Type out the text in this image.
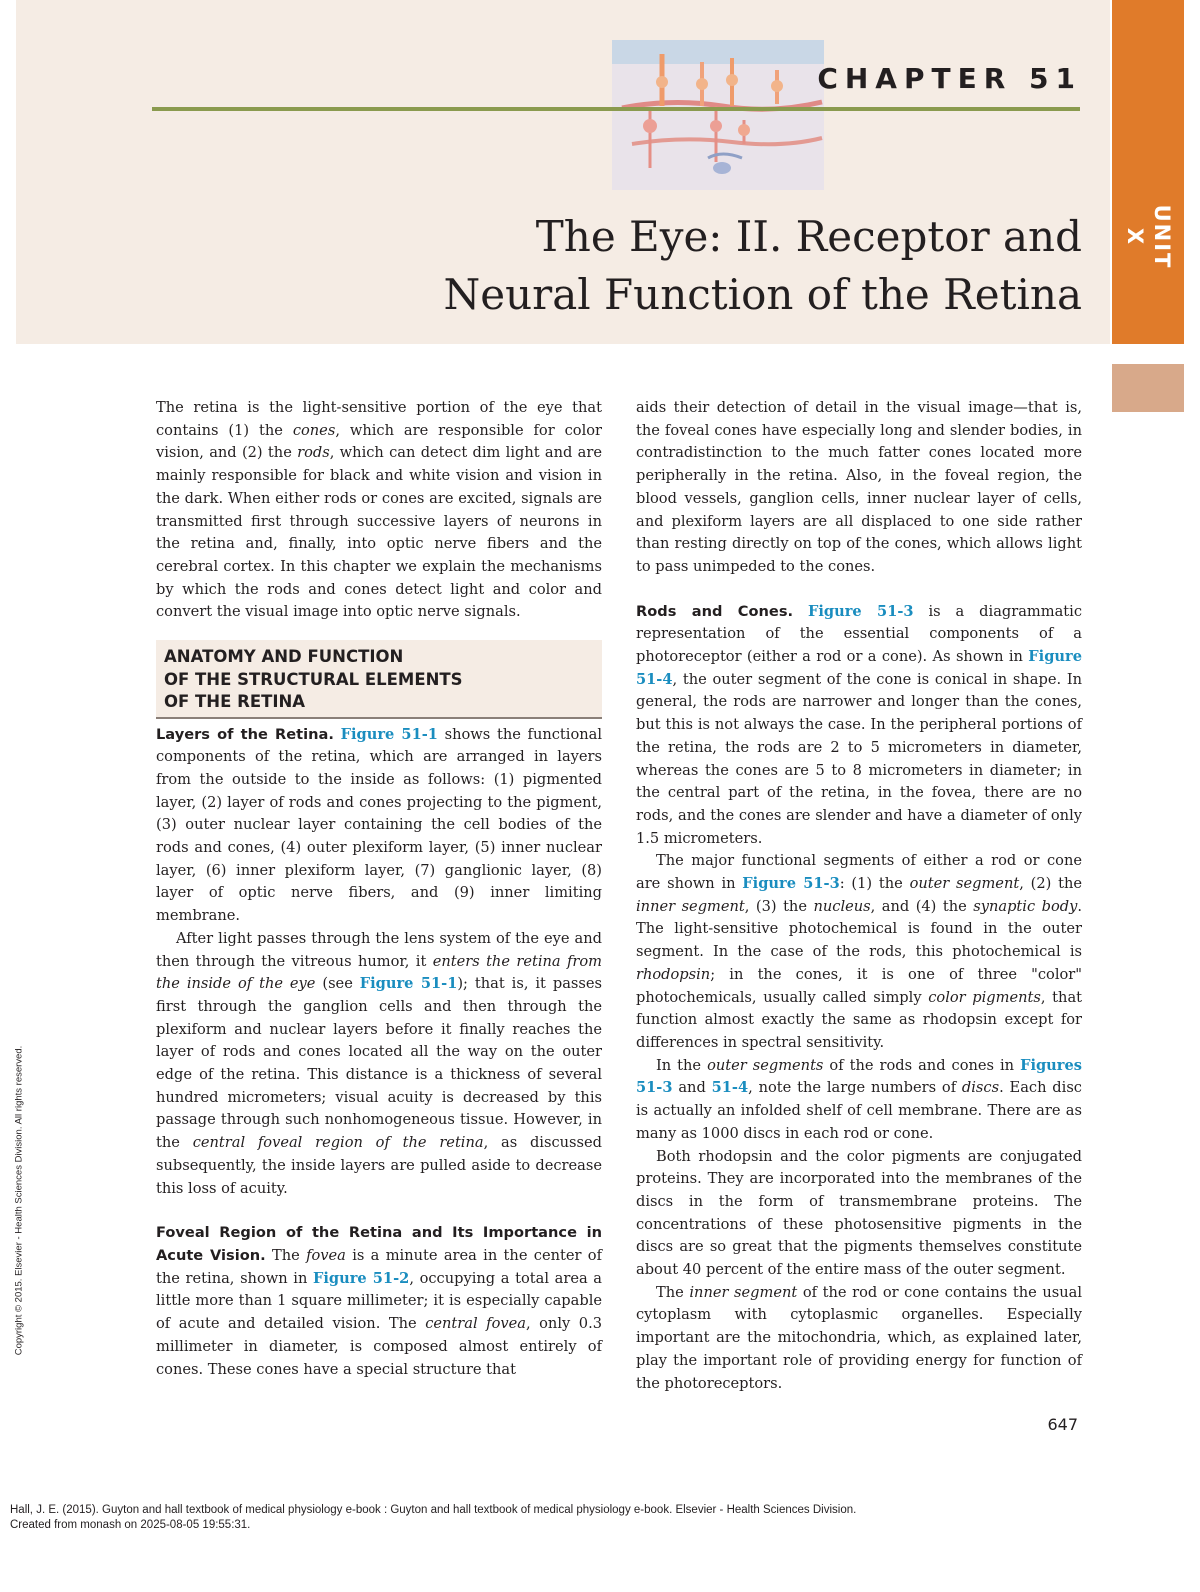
UNIT X
CHAPTER 51
The Eye: II. Receptor and
Neural Function of the Retina

The retina is the light-sensitive portion of the eye that contains (1) the cones, which are responsible for color vision, and (2) the rods, which can detect dim light and are mainly responsible for black and white vision and vision in the dark. When either rods or cones are excited, signals are transmitted first through successive layers of neurons in the retina and, finally, into optic nerve fibers and the cerebral cortex. In this chapter we explain the mechanisms by which the rods and cones detect light and color and convert the visual image into optic nerve signals.

ANATOMY AND FUNCTION
OF THE STRUCTURAL ELEMENTS
OF THE RETINA

Layers of the Retina. Figure 51-1 shows the functional components of the retina, which are arranged in layers from the outside to the inside as follows: (1) pigmented layer, (2) layer of rods and cones projecting to the pigment, (3) outer nuclear layer containing the cell bodies of the rods and cones, (4) outer plexiform layer, (5) inner nuclear layer, (6) inner plexiform layer, (7) ganglionic layer, (8) layer of optic nerve fibers, and (9) inner limiting membrane.

After light passes through the lens system of the eye and then through the vitreous humor, it enters the retina from the inside of the eye (see Figure 51-1); that is, it passes first through the ganglion cells and then through the plexiform and nuclear layers before it finally reaches the layer of rods and cones located all the way on the outer edge of the retina. This distance is a thickness of several hundred micrometers; visual acuity is decreased by this passage through such nonhomogeneous tissue. However, in the central foveal region of the retina, as discussed subsequently, the inside layers are pulled aside to decrease this loss of acuity.

Foveal Region of the Retina and Its Importance in Acute Vision. The fovea is a minute area in the center of the retina, shown in Figure 51-2, occupying a total area a little more than 1 square millimeter; it is especially capable of acute and detailed vision. The central fovea, only 0.3 millimeter in diameter, is composed almost entirely of cones. These cones have a special structure that

aids their detection of detail in the visual image—that is, the foveal cones have especially long and slender bodies, in contradistinction to the much fatter cones located more peripherally in the retina. Also, in the foveal region, the blood vessels, ganglion cells, inner nuclear layer of cells, and plexiform layers are all displaced to one side rather than resting directly on top of the cones, which allows light to pass unimpeded to the cones.

Rods and Cones. Figure 51-3 is a diagrammatic representation of the essential components of a photoreceptor (either a rod or a cone). As shown in Figure 51-4, the outer segment of the cone is conical in shape. In general, the rods are narrower and longer than the cones, but this is not always the case. In the peripheral portions of the retina, the rods are 2 to 5 micrometers in diameter, whereas the cones are 5 to 8 micrometers in diameter; in the central part of the retina, in the fovea, there are no rods, and the cones are slender and have a diameter of only 1.5 micrometers.

The major functional segments of either a rod or cone are shown in Figure 51-3: (1) the outer segment, (2) the inner segment, (3) the nucleus, and (4) the synaptic body. The light-sensitive photochemical is found in the outer segment. In the case of the rods, this photochemical is rhodopsin; in the cones, it is one of three "color" photochemicals, usually called simply color pigments, that function almost exactly the same as rhodopsin except for differences in spectral sensitivity.

In the outer segments of the rods and cones in Figures 51-3 and 51-4, note the large numbers of discs. Each disc is actually an infolded shelf of cell membrane. There are as many as 1000 discs in each rod or cone.

Both rhodopsin and the color pigments are conjugated proteins. They are incorporated into the membranes of the discs in the form of transmembrane proteins. The concentrations of these photosensitive pigments in the discs are so great that the pigments themselves constitute about 40 percent of the entire mass of the outer segment.

The inner segment of the rod or cone contains the usual cytoplasm with cytoplasmic organelles. Especially important are the mitochondria, which, as explained later, play the important role of providing energy for function of the photoreceptors.

647
Copyright © 2015. Elsevier - Health Sciences Division. All rights reserved.
Hall, J. E. (2015). Guyton and hall textbook of medical physiology e-book : Guyton and hall textbook of medical physiology e-book. Elsevier - Health Sciences Division.
Created from monash on 2025-08-05 19:55:31.
